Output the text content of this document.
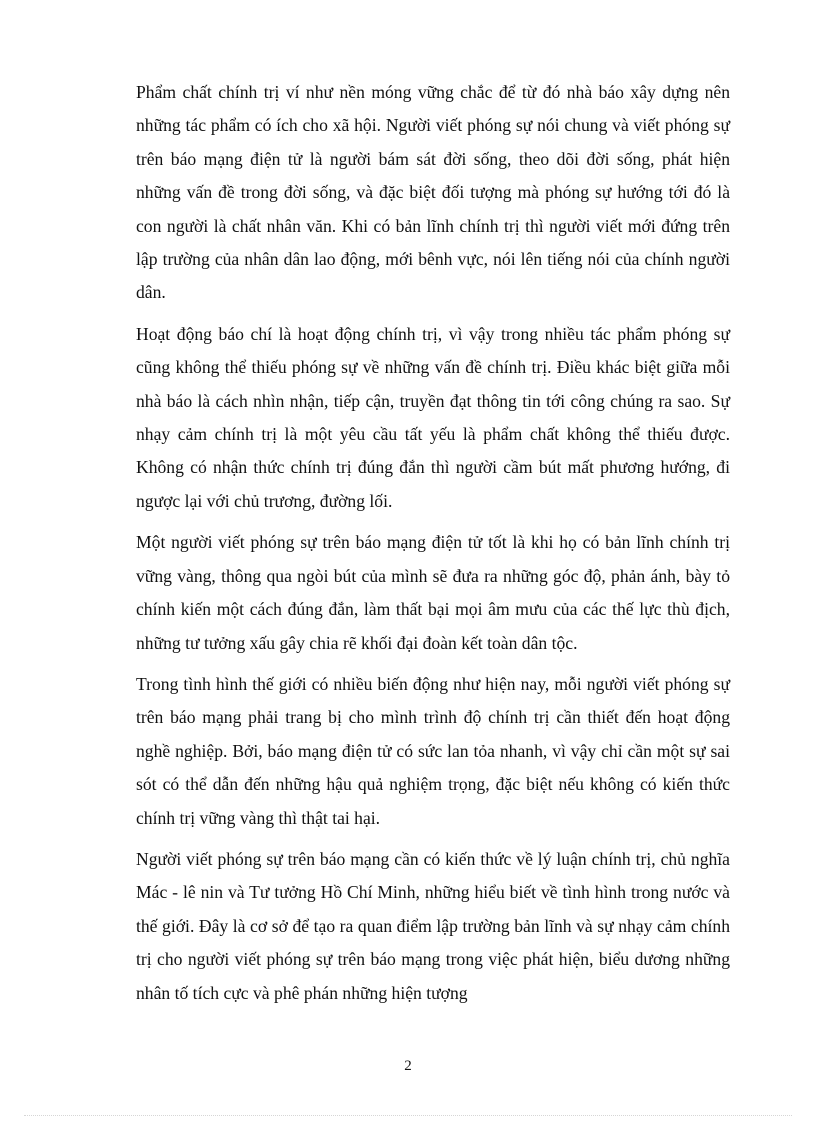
Phẩm chất chính trị ví như nền móng vững chắc để từ đó nhà báo xây dựng nên những tác phẩm có ích cho xã hội. Người viết phóng sự nói chung và viết phóng sự trên báo mạng điện tử là người bám sát đời sống, theo dõi đời sống, phát hiện những vấn đề trong đời sống, và đặc biệt đối tượng mà phóng sự hướng tới đó là con người là chất nhân văn. Khi có bản lĩnh chính trị thì người viết mới đứng trên lập trường của nhân dân lao động, mới bênh vực, nói lên tiếng nói của chính người dân.

Hoạt động báo chí là hoạt động chính trị, vì vậy trong nhiều tác phẩm phóng sự cũng không thể thiếu phóng sự về những vấn đề chính trị. Điều khác biệt giữa mỗi nhà báo là cách nhìn nhận, tiếp cận, truyền đạt thông tin tới công chúng ra sao. Sự nhạy cảm chính trị là một yêu cầu tất yếu là phẩm chất không thể thiếu được. Không có nhận thức chính trị đúng đắn thì người cầm bút mất phương hướng, đi ngược lại với chủ trương, đường lối.

Một người viết phóng sự trên báo mạng điện tử tốt là khi họ có bản lĩnh chính trị vững vàng, thông qua ngòi bút của mình sẽ đưa ra những góc độ, phản ánh, bày tỏ chính kiến một cách đúng đắn, làm thất bại mọi âm mưu của các thế lực thù địch, những tư tưởng xấu gây chia rẽ khối đại đoàn kết toàn dân tộc.

Trong tình hình thế giới có nhiều biến động như hiện nay, mỗi người viết phóng sự trên báo mạng phải trang bị cho mình trình độ chính trị cần thiết đến hoạt động nghề nghiệp. Bởi, báo mạng điện tử có sức lan tỏa nhanh, vì vậy chỉ cần một sự sai sót có thể dẫn đến những hậu quả nghiệm trọng, đặc biệt nếu không có kiến thức chính trị vững vàng thì thật tai hại.

Người viết phóng sự trên báo mạng cần có kiến thức về lý luận chính trị, chủ nghĩa Mác - lê nin và Tư tưởng Hồ Chí Minh, những hiểu biết về tình hình trong nước và thế giới. Đây là cơ sở để tạo ra quan điểm lập trường bản lĩnh và sự nhạy cảm chính trị cho người viết phóng sự trên báo mạng trong việc phát hiện, biểu dương những nhân tố tích cực và phê phán những hiện tượng

2
